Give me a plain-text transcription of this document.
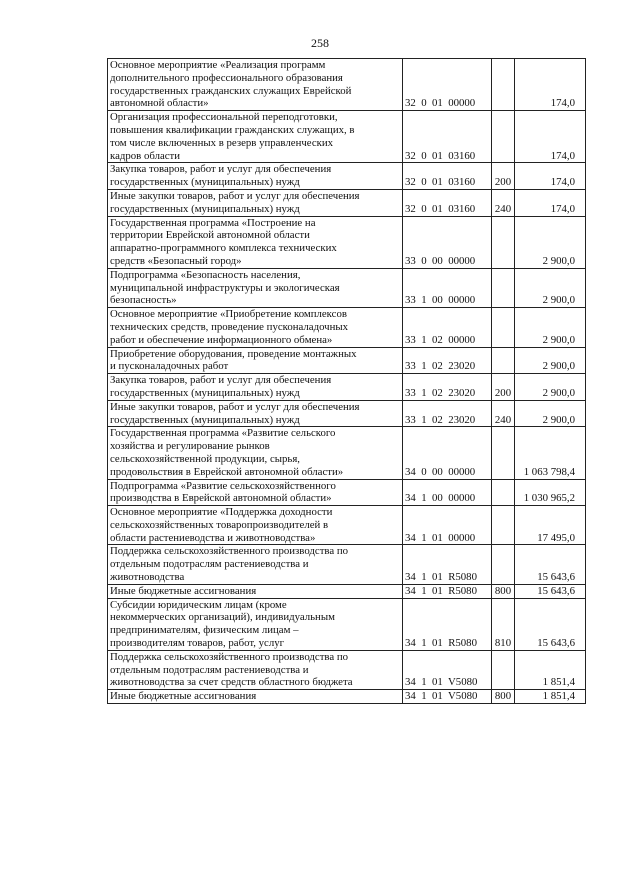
258
Основное мероприятие «Реализация программ
дополнительного профессионального образования
государственных гражданских служащих Еврейской
автономной области»	32  0  01  00000		174,0

Организация профессиональной переподготовки,
повышения квалификации гражданских служащих, в
том числе включенных в резерв управленческих
кадров области	32  0  01  03160		174,0

Закупка товаров, работ и услуг для обеспечения
государственных (муниципальных) нужд	32  0  01  03160	200	174,0

Иные закупки товаров, работ и услуг для обеспечения
государственных (муниципальных) нужд	32  0  01  03160	240	174,0

Государственная программа «Построение на
территории Еврейской автономной области
аппаратно-программного комплекса технических
средств «Безопасный город»	33  0  00  00000		2 900,0

Подпрограмма «Безопасность населения,
муниципальной инфраструктуры и экологическая
безопасность»	33  1  00  00000		2 900,0

Основное мероприятие «Приобретение комплексов
технических средств, проведение пусконаладочных
работ и обеспечение информационного обмена»	33  1  02  00000		2 900,0

Приобретение оборудования, проведение монтажных
и пусконаладочных работ	33  1  02  23020		2 900,0

Закупка товаров, работ и услуг для обеспечения
государственных (муниципальных) нужд	33  1  02  23020	200	2 900,0

Иные закупки товаров, работ и услуг для обеспечения
государственных (муниципальных) нужд	33  1  02  23020	240	2 900,0

Государственная программа «Развитие сельского
хозяйства и регулирование рынков
сельскохозяйственной продукции, сырья,
продовольствия в Еврейской автономной области»	34  0  00  00000		1 063 798,4

Подпрограмма «Развитие сельскохозяйственного
производства в Еврейской автономной области»	34  1  00  00000		1 030 965,2

Основное мероприятие «Поддержка доходности
сельскохозяйственных товаропроизводителей в
области растениеводства и животноводства»	34  1  01  00000		17 495,0

Поддержка сельскохозяйственного производства по
отдельным подотраслям растениеводства и
животноводства	34  1  01  R5080		15 643,6

Иные бюджетные ассигнования	34  1  01  R5080	800	15 643,6

Субсидии юридическим лицам (кроме
некоммерческих организаций), индивидуальным
предпринимателям, физическим лицам –
производителям товаров, работ, услуг	34  1  01  R5080	810	15 643,6

Поддержка сельскохозяйственного производства по
отдельным подотраслям растениеводства и
животноводства за счет средств областного бюджета	34  1  01  V5080		1 851,4

Иные бюджетные ассигнования	34  1  01  V5080	800	1 851,4
